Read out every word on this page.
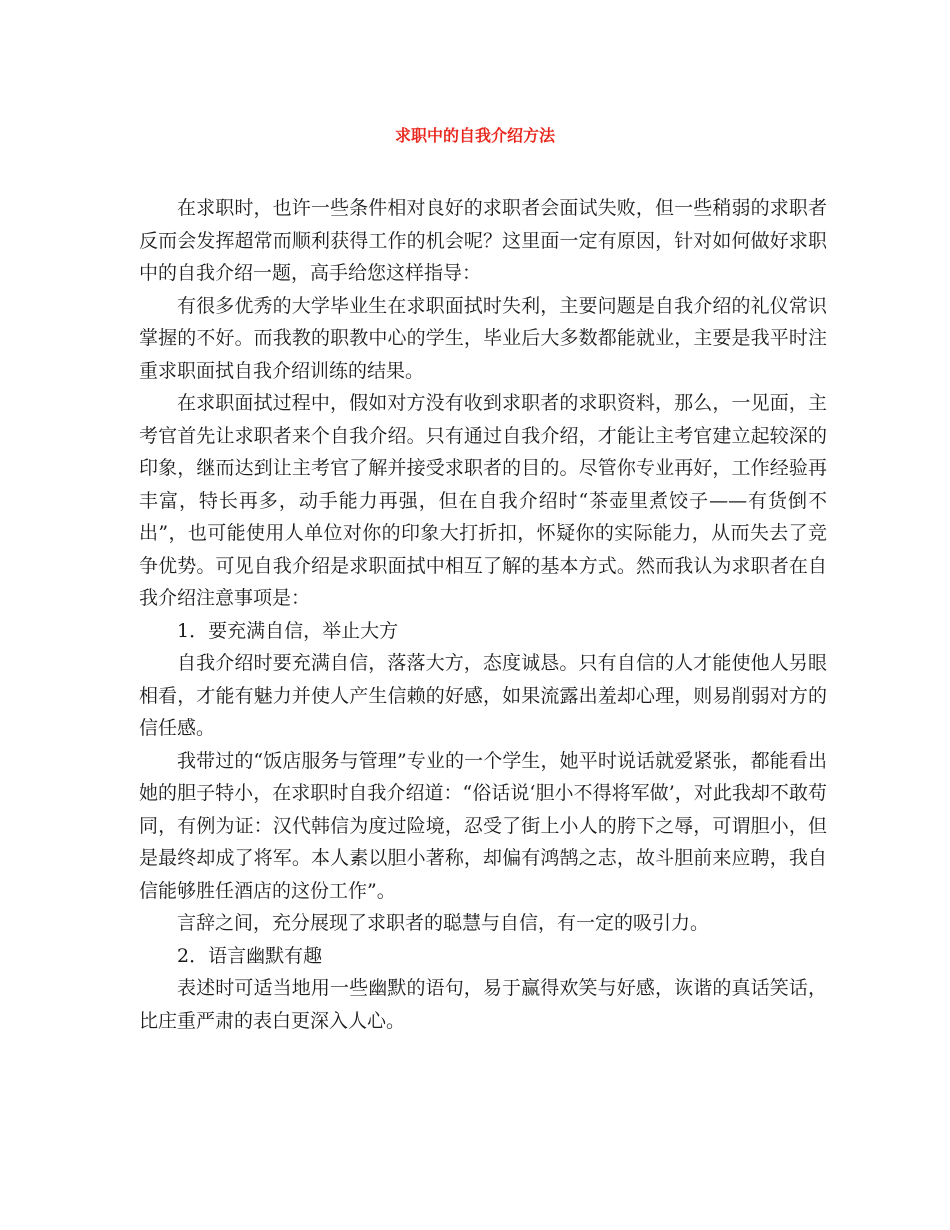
求职中的自我介绍方法

在求职时，也许一些条件相对良好的求职者会面试失败，但一些稍弱的求职者反而会发挥超常而顺利获得工作的机会呢？这里面一定有原因，针对如何做好求职中的自我介绍一题，高手给您这样指导：

有很多优秀的大学毕业生在求职面拭时失利，主要问题是自我介绍的礼仪常识掌握的不好。而我教的职教中心的学生，毕业后大多数都能就业，主要是我平时注重求职面拭自我介绍训练的结果。

在求职面拭过程中，假如对方没有收到求职者的求职资料，那么，一见面，主考官首先让求职者来个自我介绍。只有通过自我介绍，才能让主考官建立起较深的印象，继而达到让主考官了解并接受求职者的目的。尽管你专业再好，工作经验再丰富，特长再多，动手能力再强，但在自我介绍时“茶壶里煮饺子——有货倒不出”，也可能使用人单位对你的印象大打折扣，怀疑你的实际能力，从而失去了竞争优势。可见自我介绍是求职面拭中相互了解的基本方式。然而我认为求职者在自我介绍注意事项是：

1．要充满自信，举止大方

自我介绍时要充满自信，落落大方，态度诚恳。只有自信的人才能使他人另眼相看，才能有魅力并使人产生信赖的好感，如果流露出羞却心理，则易削弱对方的信任感。

我带过的“饭店服务与管理”专业的一个学生，她平时说话就爱紧张，都能看出她的胆子特小，在求职时自我介绍道：“俗话说‘胆小不得将军做’，对此我却不敢苟同，有例为证：汉代韩信为度过险境，忍受了街上小人的胯下之辱，可谓胆小，但是最终却成了将军。本人素以胆小著称，却偏有鸿鹄之志，故斗胆前来应聘，我自信能够胜任酒店的这份工作”。

言辞之间，充分展现了求职者的聪慧与自信，有一定的吸引力。

2．语言幽默有趣

表述时可适当地用一些幽默的语句，易于赢得欢笑与好感，诙谐的真话笑话，比庄重严肃的表白更深入人心。
